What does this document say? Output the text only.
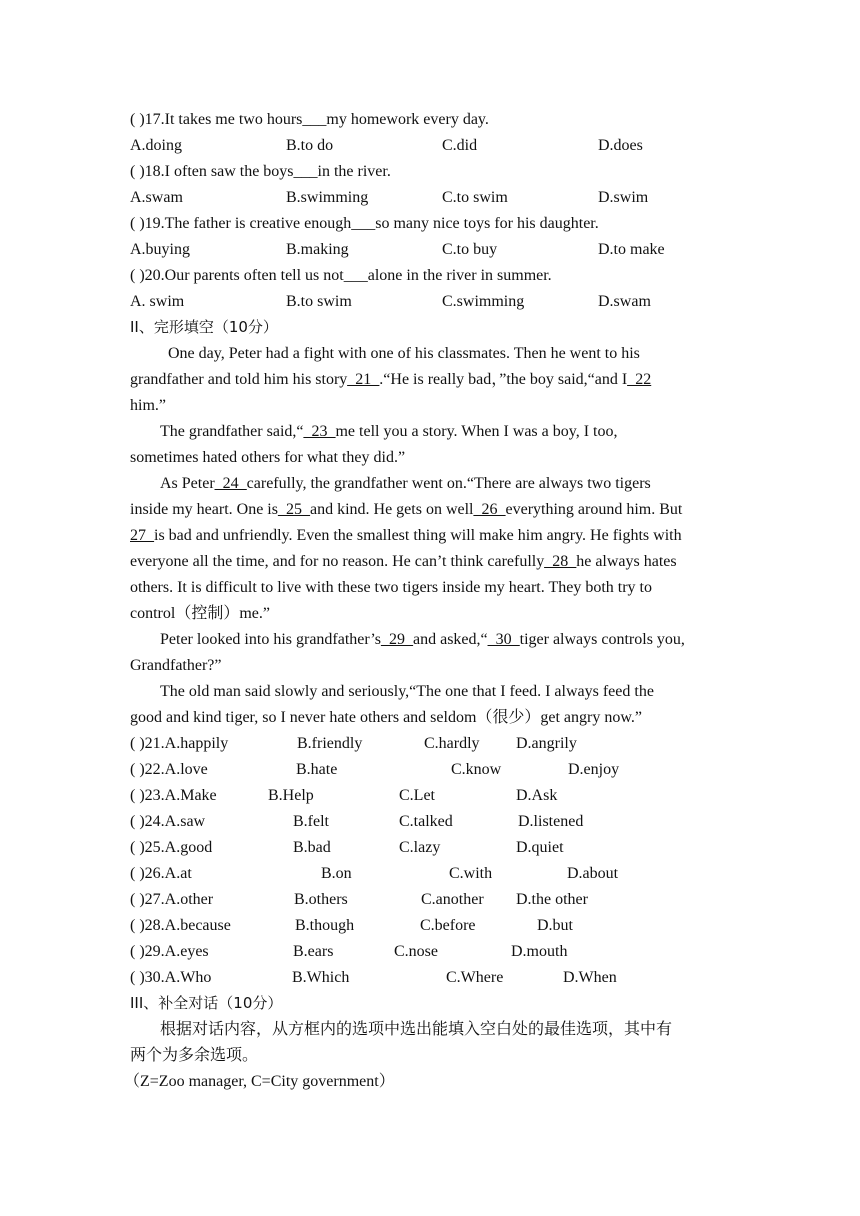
( )17.It takes me two hours___my homework every day.
A.doing	B.to do	C.did	D.does
( )18.I often saw the boys___in the river.
A.swam	B.swimming	C.to swim	D.swim
( )19.The father is creative enough___so many nice toys for his daughter.
A.buying	B.making	C.to buy	D.to make
( )20.Our parents often tell us not___alone in the river in summer.
A. swim	B.to swim	C.swimming	D.swam
II、完形填空（10分）
One day, Peter had a fight with one of his classmates. Then he went to his
grandfather and told him his story_21_.“He is really bad，”the boy said,“and I_22
him.”
The grandfather said,“_23_me tell you a story. When I was a boy, I too,
sometimes hated others for what they did.”
As Peter_24_carefully, the grandfather went on.“There are always two tigers
inside my heart. One is_25_and kind. He gets on well_26_everything around him. But
27_is bad and unfriendly. Even the smallest thing will make him angry. He fights with
everyone all the time, and for no reason. He can’t think carefully_28_he always hates
others. It is difficult to live with these two tigers inside my heart. They both try to
control（控制）me.”
Peter looked into his grandfather’s_29_and asked,“_30_tiger always controls you,
Grandfather?”
The old man said slowly and seriously,“The one that I feed. I always feed the
good and kind tiger, so I never hate others and seldom（很少）get angry now.”
( )21.A.happily	B.friendly	C.hardly D.angrily
( )22.A.love	B.hate	C.know	D.enjoy
( )23.A.Make	B.Help	C.Let	D.Ask
( )24.A.saw	B.felt	C.talked	D.listened
( )25.A.good	B.bad	C.lazy	D.quiet
( )26.A.at	B.on	C.with	D.about
( )27.A.other	B.others	C.another D.the other
( )28.A.because	B.though	C.before	D.but
( )29.A.eyes	B.ears	C.nose	D.mouth
( )30.A.Who	B.Which	C.Where	D.When
III、补全对话（10分）
根据对话内容，从方框内的选项中选出能填入空白处的最佳选项，其中有
两个为多余选项。
（Z=Zoo manager, C=City government）
